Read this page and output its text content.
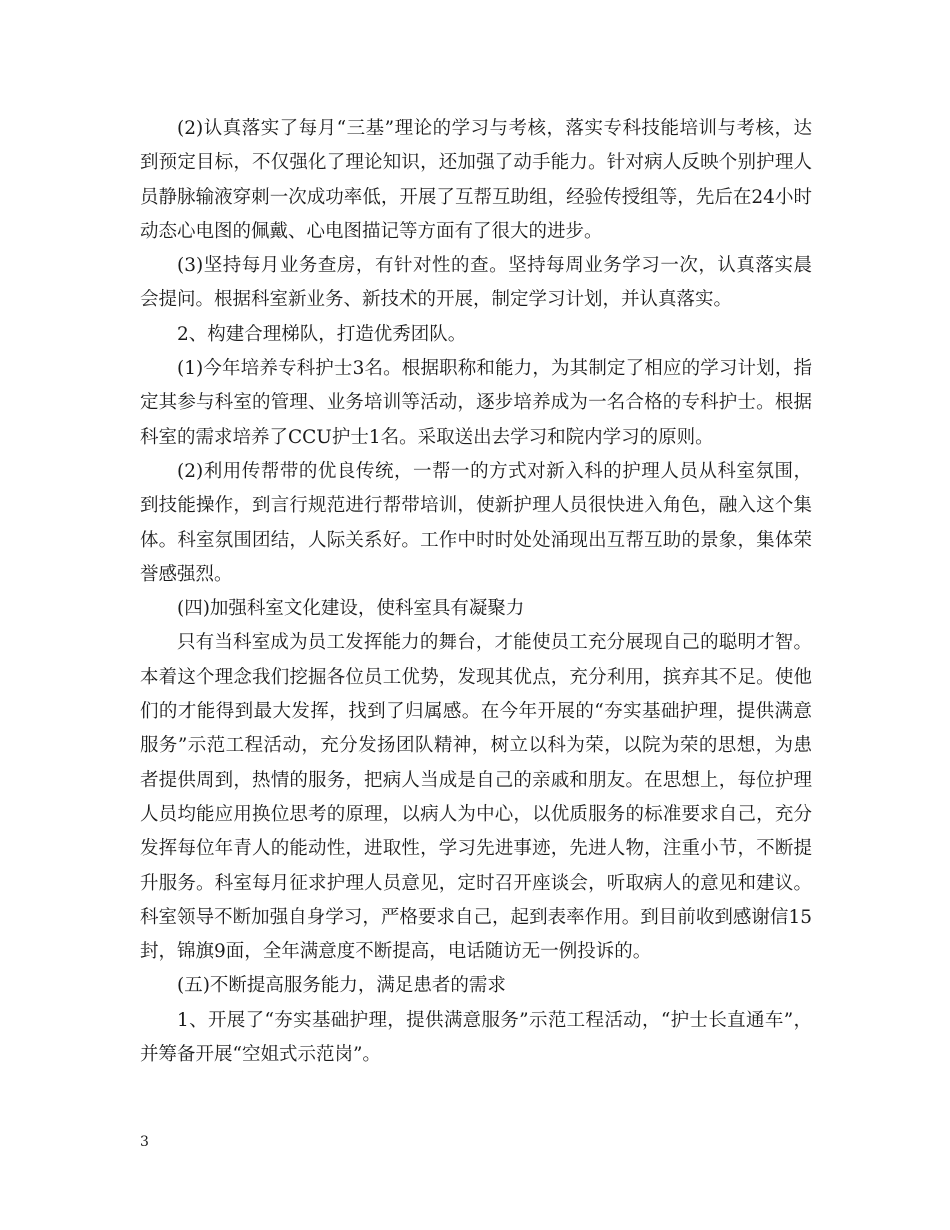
(2)认真落实了每月“三基”理论的学习与考核，落实专科技能培训与考核，达到预定目标，不仅强化了理论知识，还加强了动手能力。针对病人反映个别护理人员静脉输液穿刺一次成功率低，开展了互帮互助组，经验传授组等，先后在24小时动态心电图的佩戴、心电图描记等方面有了很大的进步。

(3)坚持每月业务查房，有针对性的查。坚持每周业务学习一次，认真落实晨会提问。根据科室新业务、新技术的开展，制定学习计划，并认真落实。

2、构建合理梯队，打造优秀团队。

(1)今年培养专科护士3名。根据职称和能力，为其制定了相应的学习计划，指定其参与科室的管理、业务培训等活动，逐步培养成为一名合格的专科护士。根据科室的需求培养了CCU护士1名。采取送出去学习和院内学习的原则。

(2)利用传帮带的优良传统，一帮一的方式对新入科的护理人员从科室氛围，到技能操作，到言行规范进行帮带培训，使新护理人员很快进入角色，融入这个集体。科室氛围团结，人际关系好。工作中时时处处涌现出互帮互助的景象，集体荣誉感强烈。

(四)加强科室文化建设，使科室具有凝聚力

只有当科室成为员工发挥能力的舞台，才能使员工充分展现自己的聪明才智。本着这个理念我们挖掘各位员工优势，发现其优点，充分利用，摈弃其不足。使他们的才能得到最大发挥，找到了归属感。在今年开展的“夯实基础护理，提供满意服务”示范工程活动，充分发扬团队精神，树立以科为荣，以院为荣的思想，为患者提供周到，热情的服务，把病人当成是自己的亲戚和朋友。在思想上，每位护理人员均能应用换位思考的原理，以病人为中心，以优质服务的标准要求自己，充分发挥每位年青人的能动性，进取性，学习先进事迹，先进人物，注重小节，不断提升服务。科室每月征求护理人员意见，定时召开座谈会，听取病人的意见和建议。科室领导不断加强自身学习，严格要求自己，起到表率作用。到目前收到感谢信15封，锦旗9面，全年满意度不断提高，电话随访无一例投诉的。

(五)不断提高服务能力，满足患者的需求

1、开展了“夯实基础护理，提供满意服务”示范工程活动，“护士长直通车”，并筹备开展“空姐式示范岗”。

3
